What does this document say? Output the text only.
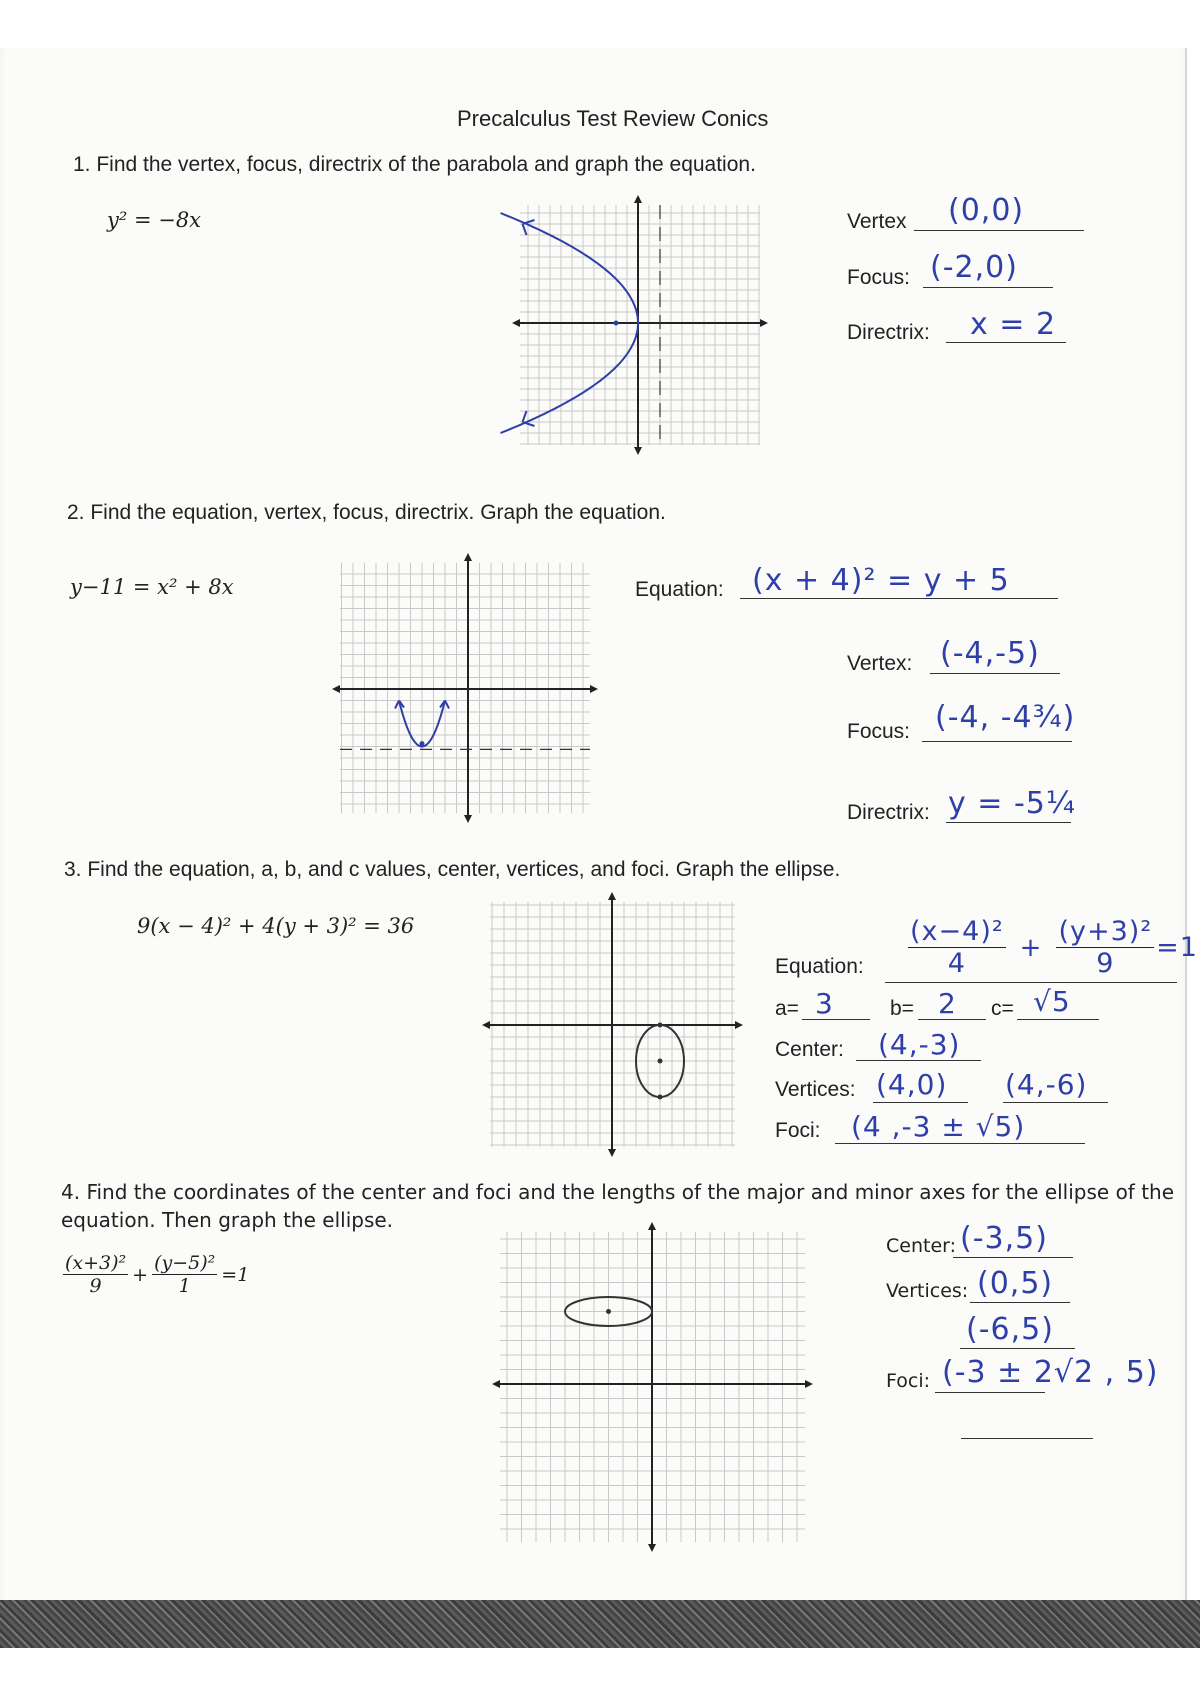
Precalculus Test Review Conics
1. Find the vertex, focus, directrix of the parabola and graph the equation.
y² = −8x	Vertex (0,0)
Focus: (-2,0)
Directrix: x = 2
2. Find the equation, vertex, focus, directrix. Graph the equation.
y−11 = x² + 8x	Equation: (x + 4)² = y + 5
Vertex: (-4,-5)
Focus: (-4, -4¾)
Directrix: y = -5¼
3. Find the equation, a, b, and c values, center, vertices, and foci. Graph the ellipse.
9(x − 4)² + 4(y + 3)² = 36	$\frac{\text{(x−4)²}}{4} + \frac{\text{(y+3)²}}{9} =1$
Equation:
a= 3	b= 2 c= √5
Center: (4,-3)
Vertices: (4,0) (4,-6)
Foci: (4 ,-3 ± √5)
4. Find the coordinates of the center and foci and the lengths of the major and minor axes for the ellipse of the
equation. Then graph the ellipse.
$\frac{\text{(x+3)²}}{9} + \frac{\text{(y−5)²}}{1} =1$
Center: (-3,5)
Vertices: (0,5)
(-6,5)
Foci: (-3 ± 2√2 , 5)
